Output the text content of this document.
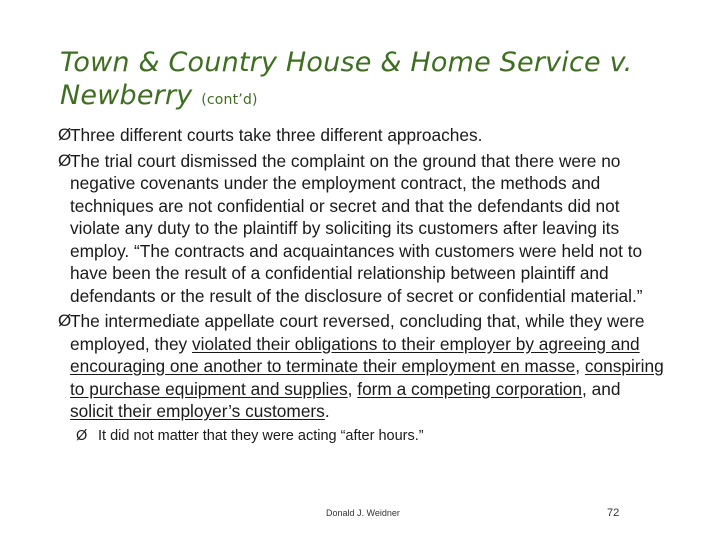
Town & Country House & Home Service v. Newberry (cont’d)
Ø
Three different courts take three different approaches.
Ø
The trial court dismissed the complaint on the ground that there were no negative covenants under the employment contract, the methods and techniques are not confidential or secret and that the defendants did not violate any duty to the plaintiff by soliciting its customers after leaving its employ. “The contracts and acquaintances with customers were held not to have been the result of a confidential relationship between plaintiff and defendants or the result of the disclosure of secret or confidential material.”
Ø
The intermediate appellate court reversed, concluding that, while they were employed, they violated their obligations to their employer by agreeing and encouraging one another to terminate their employment en masse, conspiring to purchase equipment and supplies, form a competing corporation, and solicit their employer’s customers.
Ø It did not matter that they were acting “after hours.”
Donald J. Weidner	72
